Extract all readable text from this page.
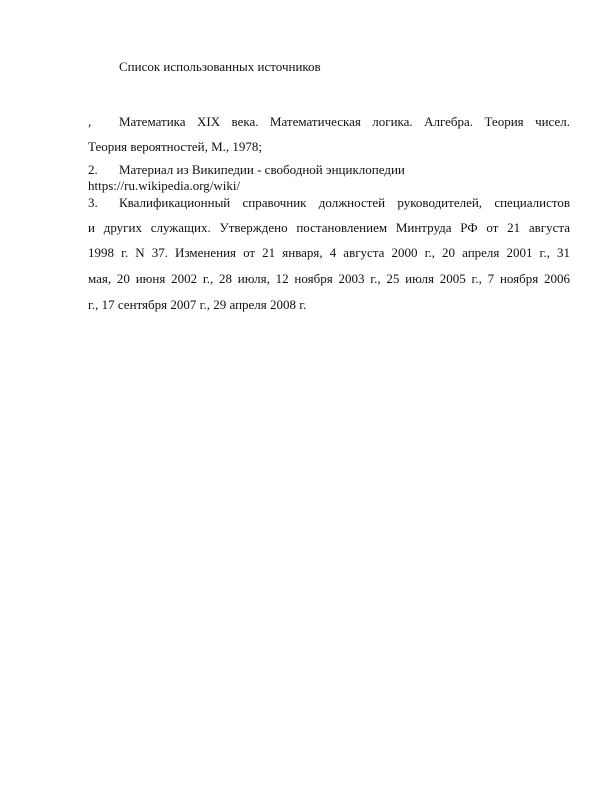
Список использованных источников
, Математика XIX века. Математическая логика. Алгебра. Теория чисел.
Теория вероятностей, М., 1978;
2. Материал из Википедии - свободной энциклопедии
https://ru.wikipedia.org/wiki/
3. Квалификационный справочник должностей руководителей, специалистов
и других служащих. Утверждено постановлением Минтруда РФ от 21 августа
1998 г. N 37. Изменения от 21 января, 4 августа 2000 г., 20 апреля 2001 г., 31
мая, 20 июня 2002 г., 28 июля, 12 ноября 2003 г., 25 июля 2005 г., 7 ноября 2006
г., 17 сентября 2007 г., 29 апреля 2008 г.
